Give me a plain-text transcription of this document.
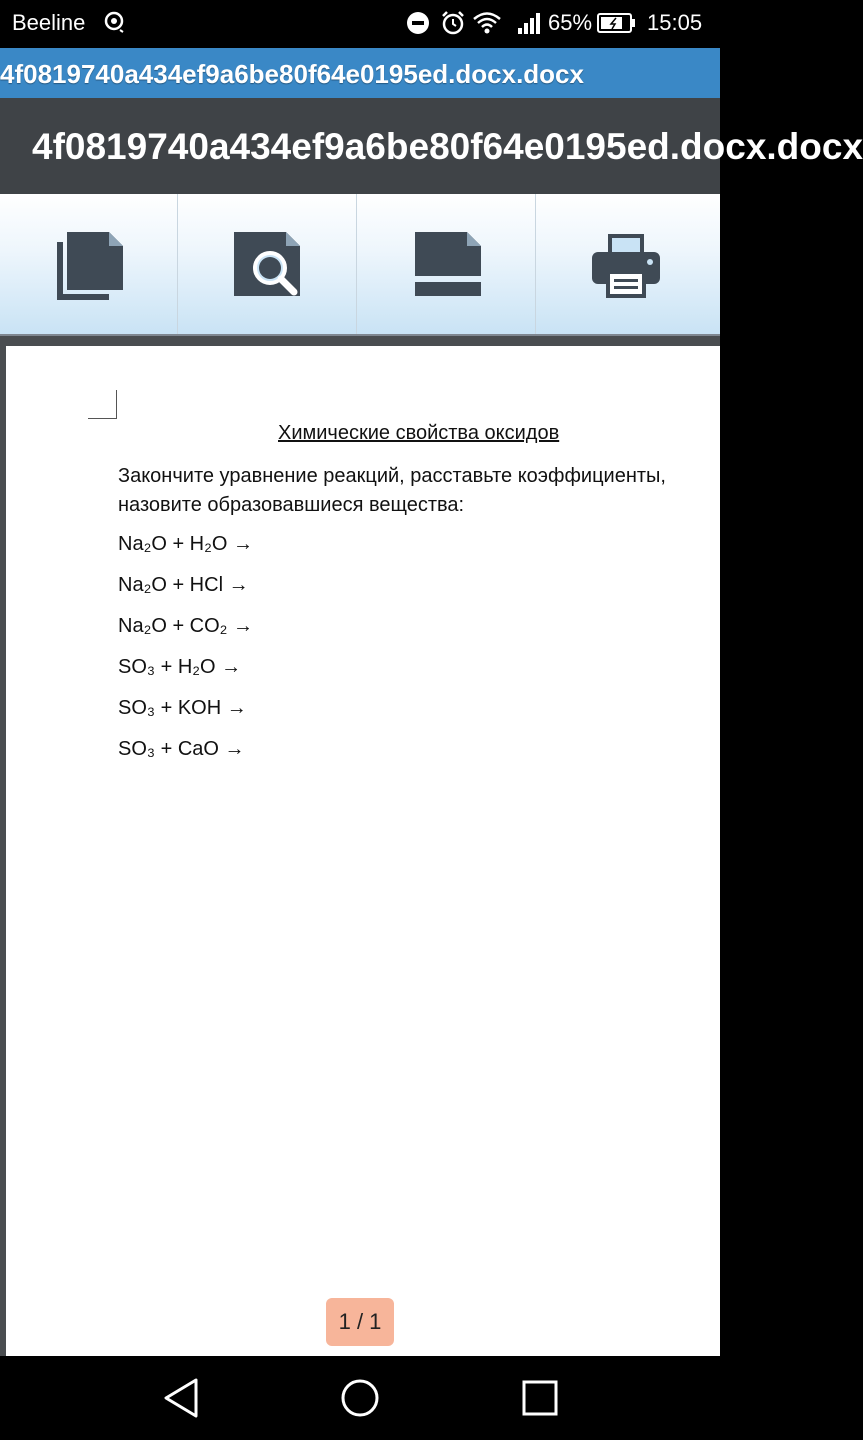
Beeline	65% 15:05
4f0819740a434ef9a6be80f64e0195ed.docx.docx
4f0819740a434ef9a6be80f64e0195ed.docx.docx
Химические свойства оксидов
Закончите уравнение реакций, расставьте коэффициенты,
назовите образовавшиеся вещества:
Na₂O + H₂O →
Na₂O + HCl →
Na₂O + CO₂ →
SO₃ + H₂O →
SO₃ + KOH →
SO₃ + CaO →
1 / 1
